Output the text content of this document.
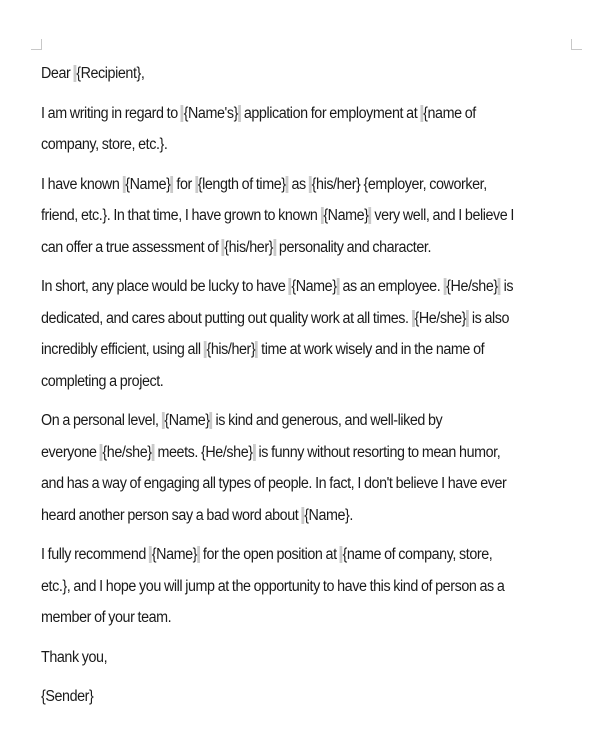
Dear {Recipient},

I am writing in regard to {Name's} application for employment at {name of company, store, etc.}.

I have known {Name} for {length of time} as {his/her} {employer, coworker, friend, etc.}. In that time, I have grown to known {Name} very well, and I believe I can offer a true assessment of {his/her} personality and character.

In short, any place would be lucky to have {Name} as an employee. {He/she} is dedicated, and cares about putting out quality work at all times. {He/she} is also incredibly efficient, using all {his/her} time at work wisely and in the name of completing a project.

On a personal level, {Name} is kind and generous, and well-liked by
everyone {he/she} meets. {He/she} is funny without resorting to mean humor, and has a way of engaging all types of people. In fact, I don't believe I have ever heard another person say a bad word about {Name}.

I fully recommend {Name} for the open position at {name of company, store, etc.}, and I hope you will jump at the opportunity to have this kind of person as a member of your team.

Thank you,

{Sender}
